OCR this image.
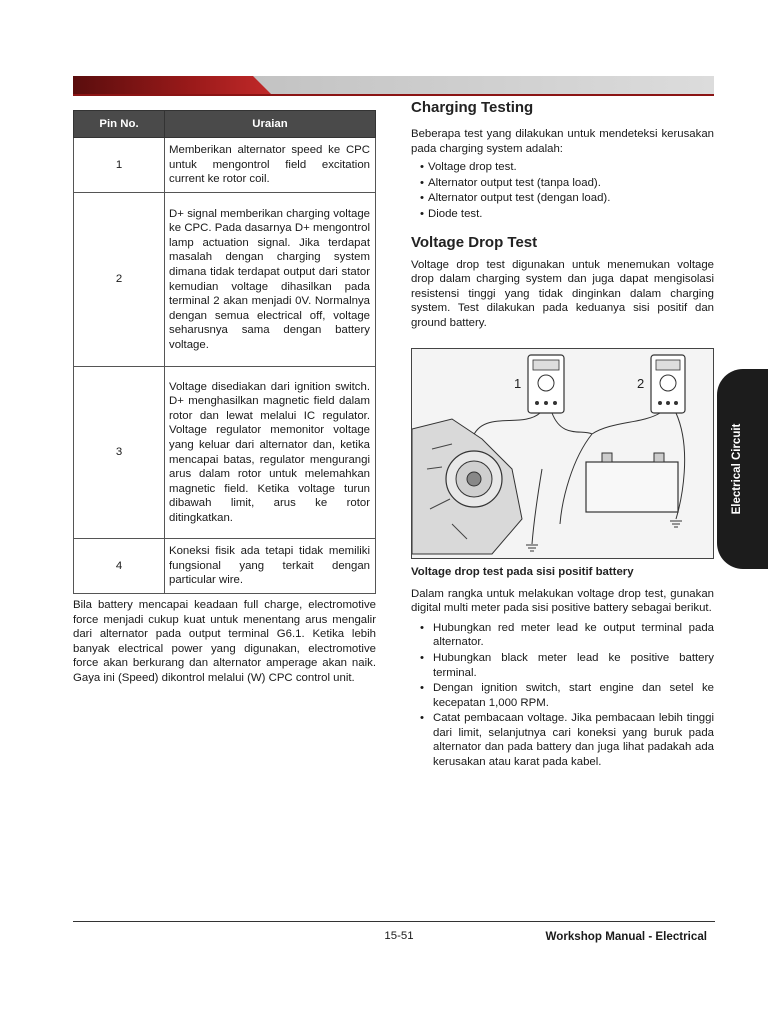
Pin No.	Uraian
1	Memberikan alternator speed ke CPC untuk mengontrol field excitation current ke rotor coil.
2	D+ signal memberikan charging voltage ke CPC. Pada dasarnya D+ mengontrol lamp actuation signal. Jika terdapat masalah dengan charging system dimana tidak terdapat output dari stator kemudian voltage dihasilkan pada terminal 2 akan menjadi 0V. Normalnya dengan semua electrical off, voltage seharusnya sama dengan battery voltage.
3	Voltage disediakan dari ignition switch. D+ menghasilkan magnetic field dalam rotor dan lewat melalui IC regulator. Voltage regulator memonitor voltage yang keluar dari alternator dan, ketika mencapai batas, regulator mengurangi arus dalam rotor untuk melemahkan magnetic field. Ketika voltage turun dibawah limit, arus ke rotor ditingkatkan.
4	Koneksi fisik ada tetapi tidak memiliki fungsional yang terkait dengan particular wire.

Bila battery mencapai keadaan full charge, electromotive force menjadi cukup kuat untuk menentang arus mengalir dari alternator pada output terminal G6.1. Ketika lebih banyak electrical power yang digunakan, electromotive force akan berkurang dan alternator amperage akan naik. Gaya ini (Speed) dikontrol melalui (W) CPC control unit.

Charging Testing

Beberapa test yang dilakukan untuk mendeteksi kerusakan pada charging system adalah:

• Voltage drop test.
• Alternator output test (tanpa load).
• Alternator output test (dengan load).
• Diode test.
Voltage Drop Test

Voltage drop test digunakan untuk menemukan voltage drop dalam charging system dan juga dapat mengisolasi resistensi tinggi yang tidak dinginkan dalam charging system. Test dilakukan pada keduanya sisi positif dan ground battery.

1	2
Voltage drop test pada sisi positif battery

Dalam rangka untuk melakukan voltage drop test, gunakan digital multi meter pada sisi positive battery sebagai berikut.

• Hubungkan red meter lead ke output terminal pada alternator.
• Hubungkan black meter lead ke positive battery terminal.
• Dengan ignition switch, start engine dan setel ke kecepatan 1,000 RPM.
• Catat pembacaan voltage. Jika pembacaan lebih tinggi dari limit, selanjutnya cari koneksi yang buruk pada alternator dan pada battery dan juga lihat padakah ada kerusakan atau karat pada kabel.
Electrical Circuit
15-51	Workshop Manual - Electrical
